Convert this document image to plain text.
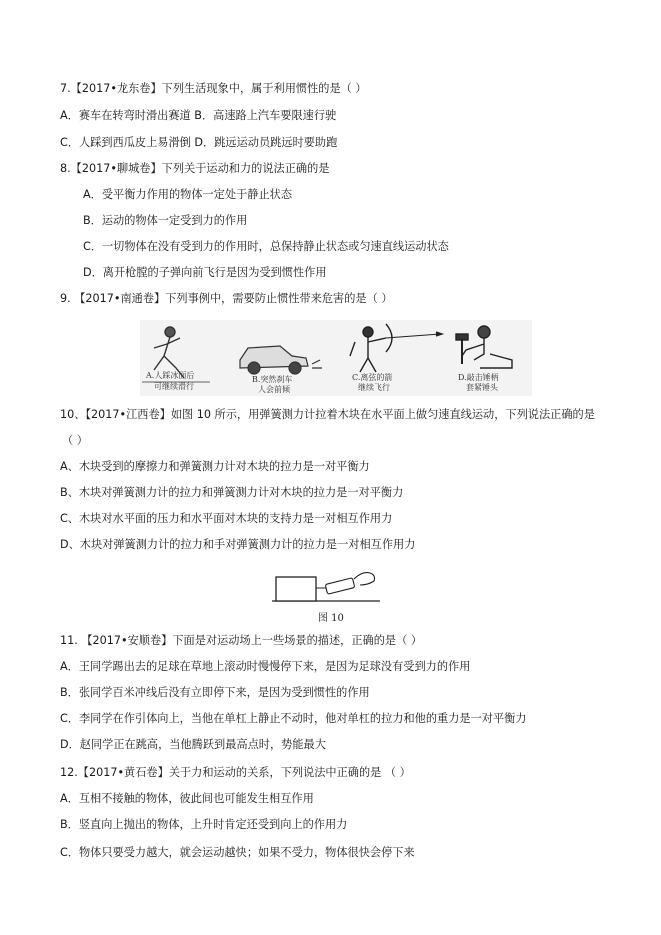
7.【2017•龙东卷】下列生活现象中，属于利用惯性的是（ ）
A．赛车在转弯时滑出赛道 B．高速路上汽车要限速行驶
C．人踩到西瓜皮上易滑倒 D．跳远运动员跳远时要助跑
8.【2017•聊城卷】下列关于运动和力的说法正确的是
A．受平衡力作用的物体一定处于静止状态
B．运动的物体一定受到力的作用
C．一切物体在没有受到力的作用时，总保持静止状态或匀速直线运动状态
D．离开枪膛的子弹向前飞行是因为受到惯性作用
9. 【2017•南通卷】下列事例中，需要防止惯性带来危害的是（ ）
A.人踩冰面后
可继续滑行
B.突然刹车
人会前倾
C.离弦的箭
继续飞行
D.敲击锤柄
套紧锤头
10、【2017•江西卷】如图 10 所示，用弹簧测力计拉着木块在水平面上做匀速直线运动，下列说法正确的是
（ ）
A、木块受到的摩擦力和弹簧测力计对木块的拉力是一对平衡力
B、木块对弹簧测力计的拉力和弹簧测力计对木块的拉力是一对平衡力
C、木块对水平面的压力和水平面对木块的支持力是一对相互作用力
D、木块对弹簧测力计的拉力和手对弹簧测力计的拉力是一对相互作用力
图 10
11. 【2017•安顺卷】下面是对运动场上一些场景的描述，正确的是（ ）
A．王同学踢出去的足球在草地上滚动时慢慢停下来，是因为足球没有受到力的作用
B．张同学百米冲线后没有立即停下来，是因为受到惯性的作用
C．李同学在作引体向上，当他在单杠上静止不动时，他对单杠的拉力和他的重力是一对平衡力
D．赵同学正在跳高，当他腾跃到最高点时，势能最大
12.【2017•黄石卷】关于力和运动的关系，下列说法中正确的是 （ ）
A．互相不接触的物体，彼此间也可能发生相互作用
B．竖直向上抛出的物体，上升时肯定还受到向上的作用力
C．物体只要受力越大，就会运动越快；如果不受力，物体很快会停下来
